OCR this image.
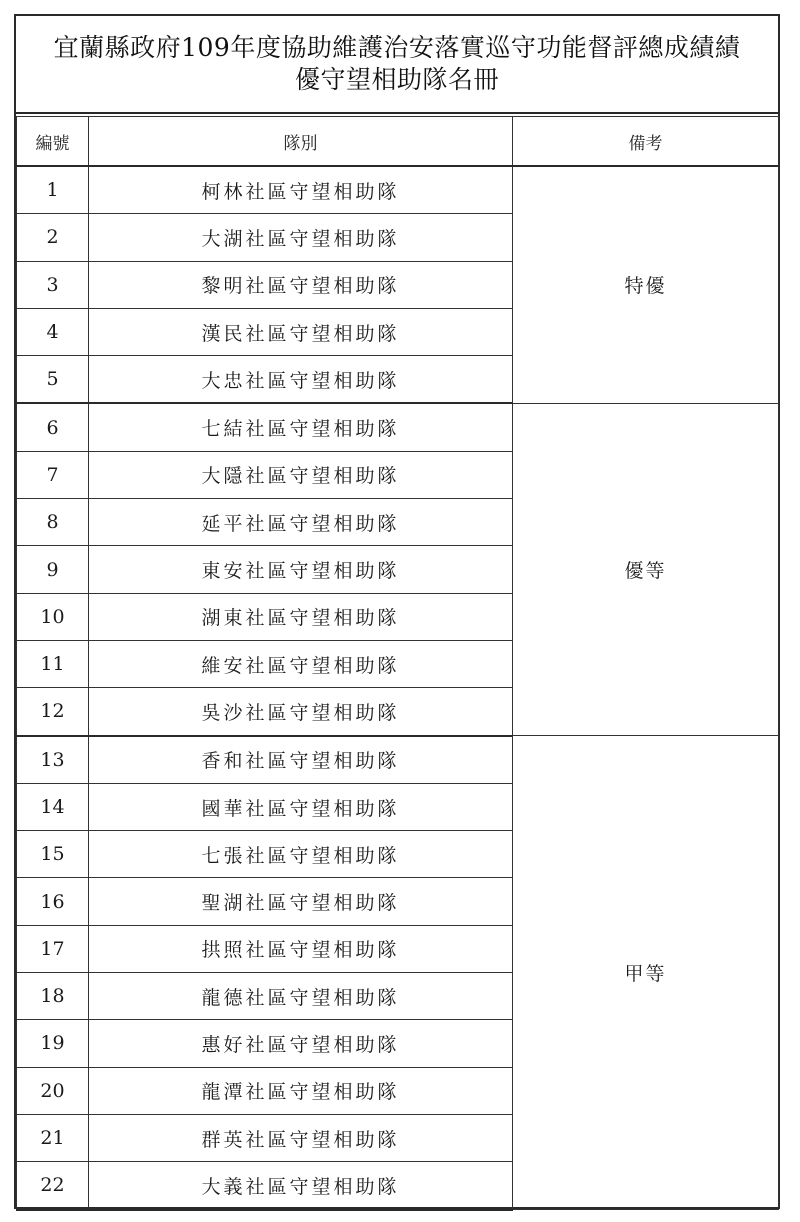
宜蘭縣政府109年度協助維護治安落實巡守功能督評總成績績
優守望相助隊名冊
編號	隊別	備考
1	柯林社區守望相助隊	特優
2	大湖社區守望相助隊	
3	黎明社區守望相助隊	
4	漢民社區守望相助隊	
5	大忠社區守望相助隊	
6	七結社區守望相助隊	優等
7	大隱社區守望相助隊	
8	延平社區守望相助隊	
9	東安社區守望相助隊	
10	湖東社區守望相助隊	
11	維安社區守望相助隊	
12	吳沙社區守望相助隊	
13	香和社區守望相助隊	甲等
14	國華社區守望相助隊	
15	七張社區守望相助隊	
16	聖湖社區守望相助隊	
17	拱照社區守望相助隊	
18	龍德社區守望相助隊	
19	惠好社區守望相助隊	
20	龍潭社區守望相助隊	
21	群英社區守望相助隊	
22	大義社區守望相助隊	
